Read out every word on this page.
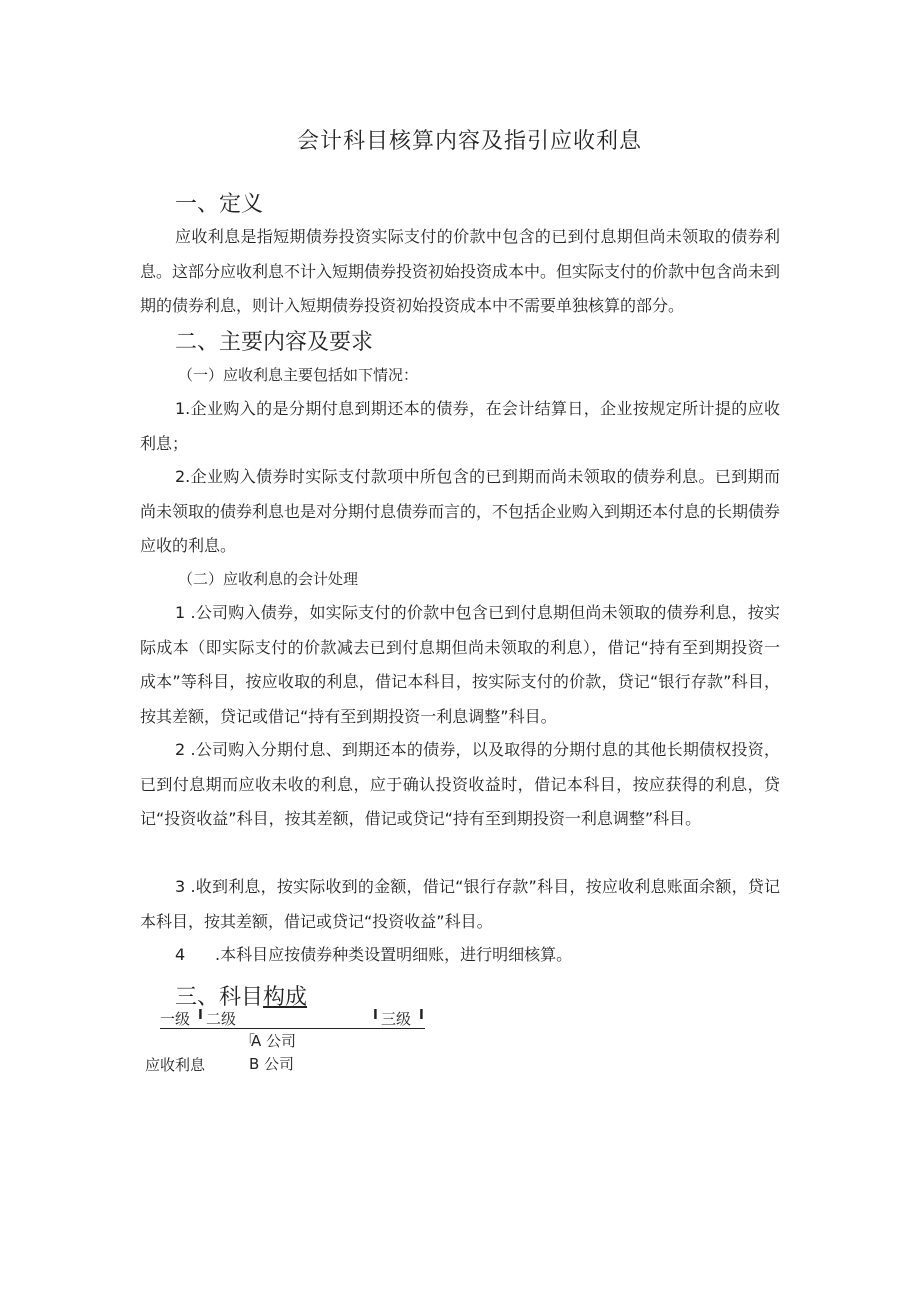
会计科目核算内容及指引应收利息
一、定义
应收利息是指短期债券投资实际支付的价款中包含的已到付息期但尚未领取的债券利息。这部分应收利息不计入短期债券投资初始投资成本中。但实际支付的价款中包含尚未到期的债券利息，则计入短期债券投资初始投资成本中不需要单独核算的部分。
二、主要内容及要求
（一）应收利息主要包括如下情况：
1.企业购入的是分期付息到期还本的债券，在会计结算日，企业按规定所计提的应收利息；
2.企业购入债券时实际支付款项中所包含的已到期而尚未领取的债券利息。已到期而尚未领取的债券利息也是对分期付息债券而言的，不包括企业购入到期还本付息的长期债券应收的利息。
（二）应收利息的会计处理
1 .公司购入债券，如实际支付的价款中包含已到付息期但尚未领取的债券利息，按实际成本（即实际支付的价款减去已到付息期但尚未领取的利息），借记“持有至到期投资一成本”等科目，按应收取的利息，借记本科目，按实际支付的价款，贷记“银行存款”科目，按其差额，贷记或借记“持有至到期投资一利息调整”科目。
2 .公司购入分期付息、到期还本的债券，以及取得的分期付息的其他长期债权投资，已到付息期而应收未收的利息，应于确认投资收益时，借记本科目，按应获得的利息，贷记“投资收益”科目，按其差额，借记或贷记“持有至到期投资一利息调整”科目。
3 .收到利息，按实际收到的金额，借记“银行存款”科目，按应收利息账面余额，贷记本科目，按其差额，借记或贷记“投资收益”科目。
4 .本科目应按债券种类设置明细账，进行明细核算。
三、科目构成
一级 I 二级	I 三级 I
「
A 公司
应收利息	B 公司
